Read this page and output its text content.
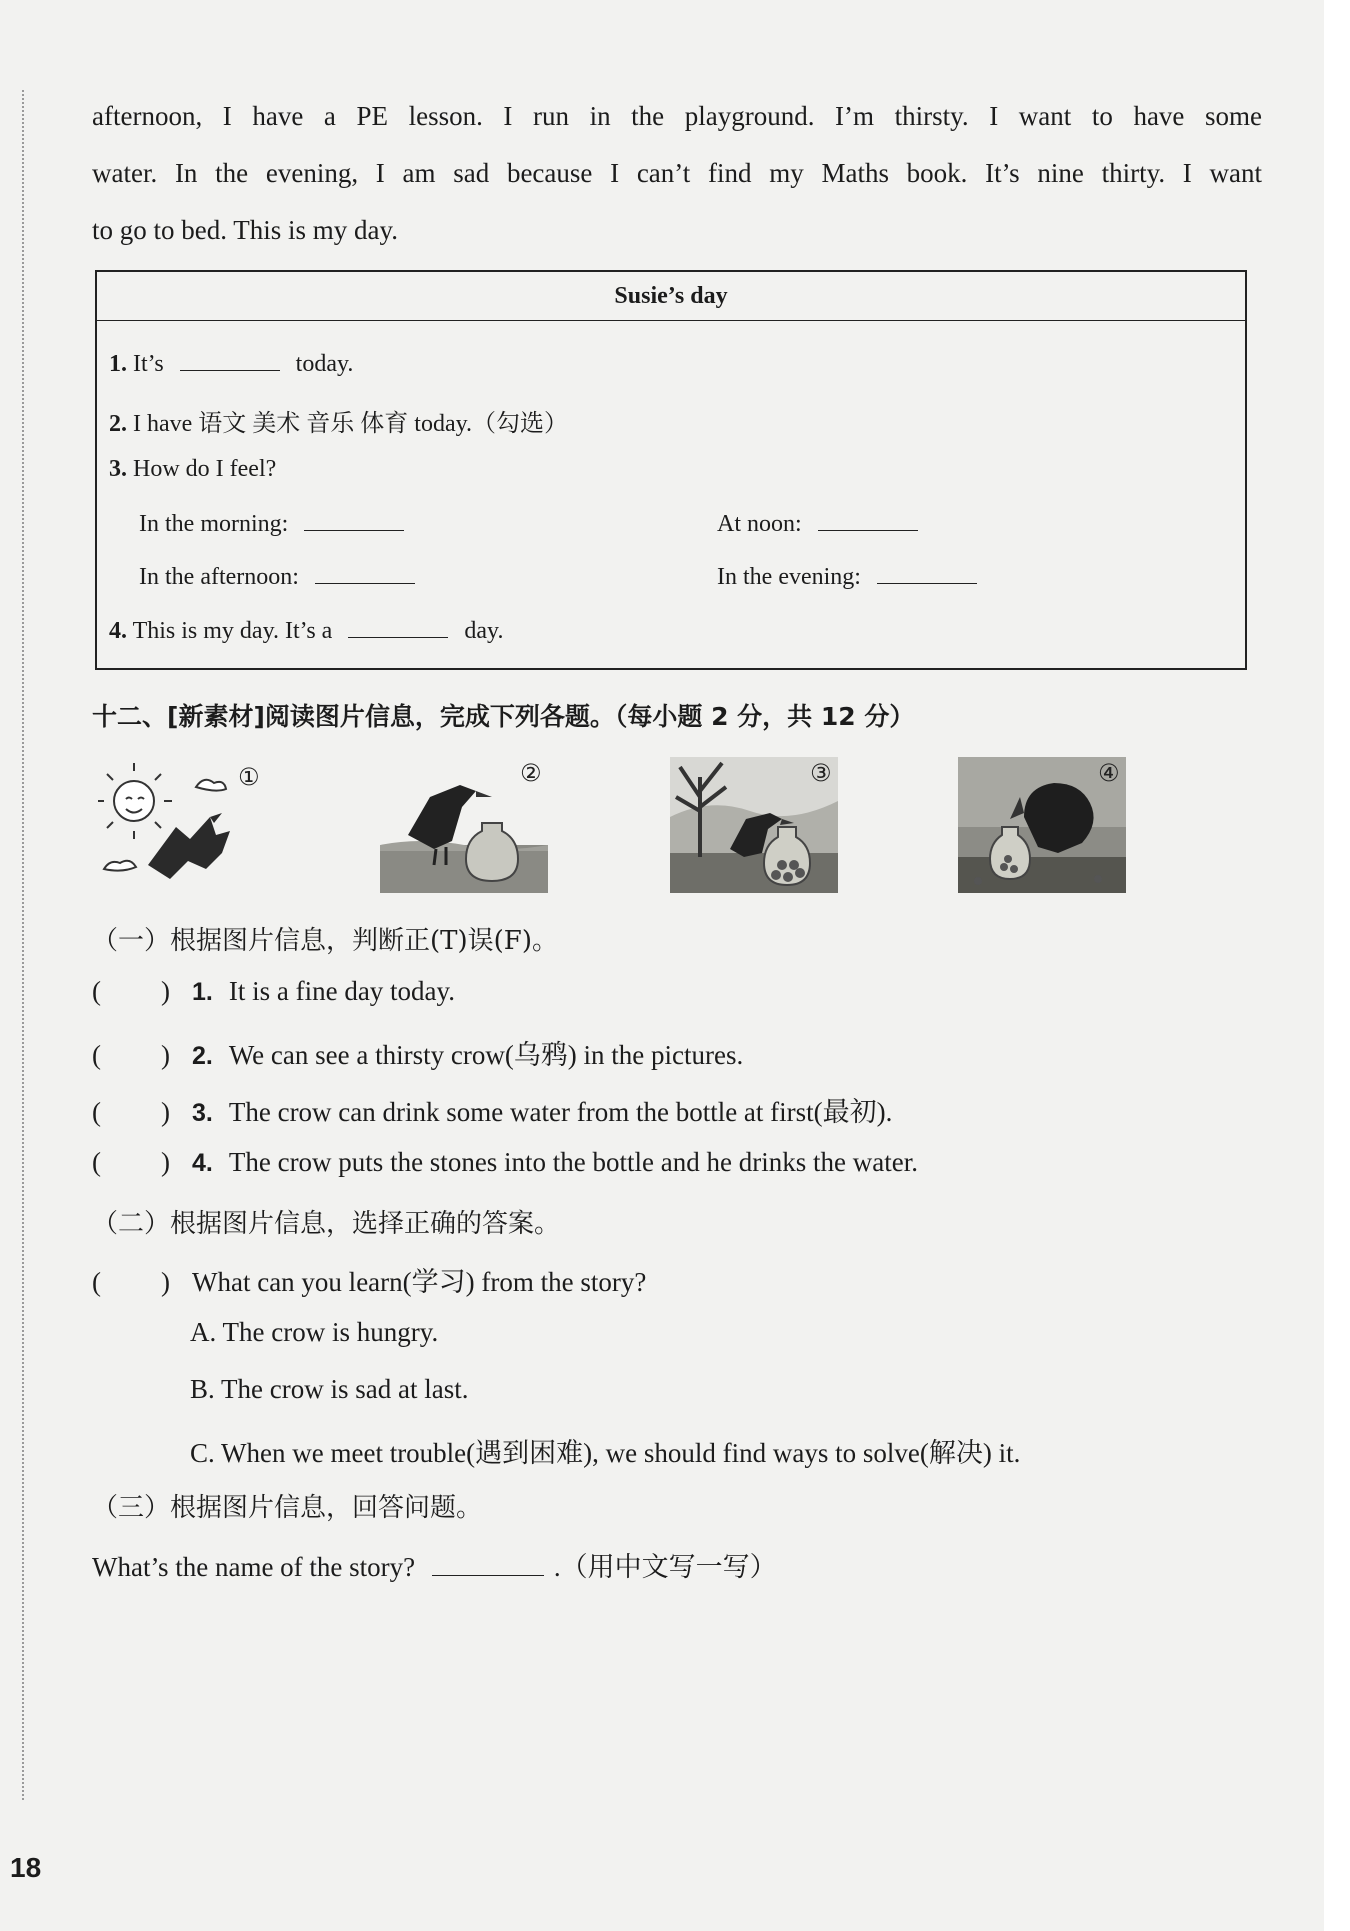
afternoon, I have a PE lesson. I run in the playground. I’m thirsty. I want to have some
water. In the evening, I am sad because I can’t find my Maths book. It’s nine thirty. I want
to go to bed. This is my day.
Susie’s day
1. It’s	today.
2. I have 语文 美术 音乐 体育 today.（勾选）
3. How do I feel?
In the morning:	At noon:
In the afternoon:	In the evening:
4. This is my day. It’s a	day.
十二、[新素材]阅读图片信息，完成下列各题。（每小题 2 分，共 12 分）
①	②	③	④
（一）根据图片信息，判断正(T)误(F)。
( ) 1. It is a fine day today.
( ) 2. We can see a thirsty crow(乌鸦) in the pictures.
( ) 3. The crow can drink some water from the bottle at first(最初).
( ) 4. The crow puts the stones into the bottle and he drinks the water.
（二）根据图片信息，选择正确的答案。
( ) What can you learn(学习) from the story?
A. The crow is hungry.
B. The crow is sad at last.
C. When we meet trouble(遇到困难), we should find ways to solve(解决) it.
（三）根据图片信息，回答问题。
What’s the name of the story?	.（用中文写一写）
18
